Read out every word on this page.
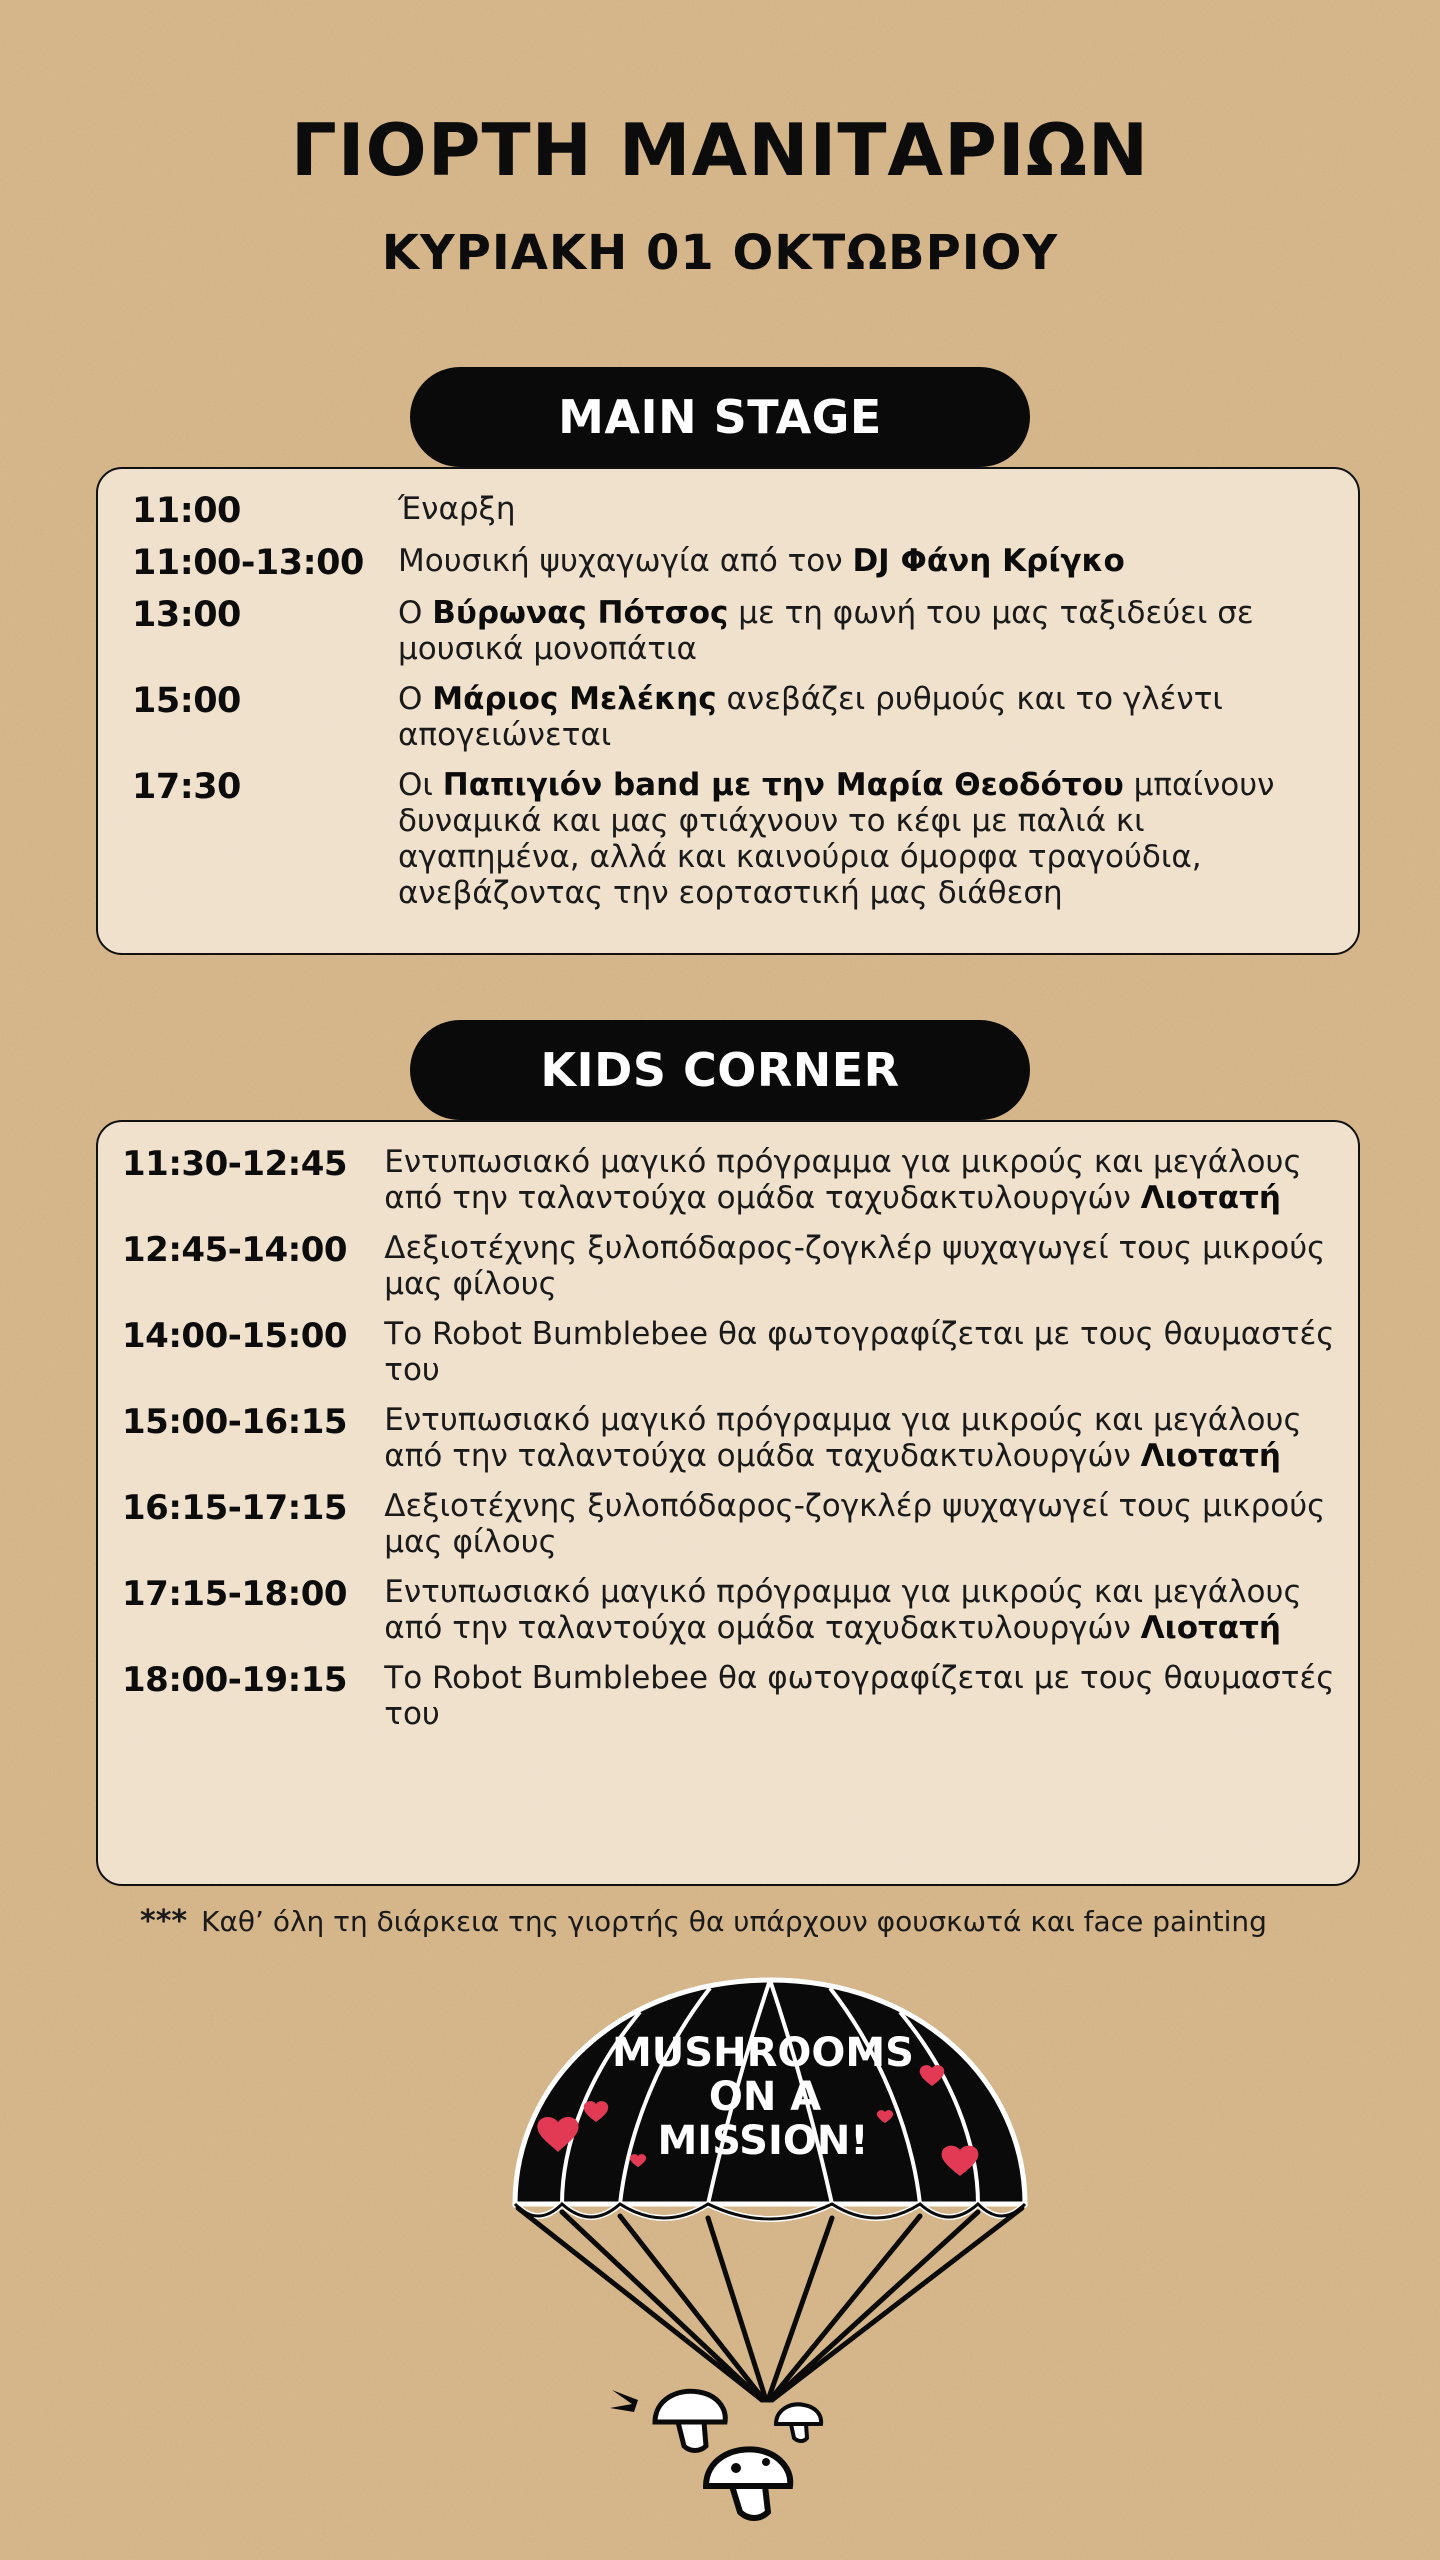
ΓΙΟΡΤΗ ΜΑΝΙΤΑΡΙΩΝ
ΚΥΡΙΑΚΗ 01 ΟΚΤΩΒΡΙΟΥ
MAIN STAGE
11:00	Έναρξη
11:00-13:00	Μουσική ψυχαγωγία από τον DJ Φάνη Κρίγκο
13:00	Ο Βύρωνας Πότσος με τη φωνή του μας ταξιδεύει σε μουσικά μονοπάτια
15:00	Ο Μάριος Μελέκης ανεβάζει ρυθμούς και το γλέντι απογειώνεται
17:30	Οι Παπιγιόν band με την Μαρία Θεοδότου μπαίνουν δυναμικά και μας φτιάχνουν το κέφι με παλιά κι αγαπημένα, αλλά και καινούρια όμορφα τραγούδια, ανεβάζοντας την εορταστική μας διάθεση
KIDS CORNER
11:30-12:45	Εντυπωσιακό μαγικό πρόγραμμα για μικρούς και μεγάλους από την ταλαντούχα ομάδα ταχυδακτυλουργών Λιοτατή
12:45-14:00	Δεξιοτέχνης ξυλοπόδαρος-ζογκλέρ ψυχαγωγεί τους μικρούς μας φίλους
14:00-15:00	Το Robot Bumblebee θα φωτογραφίζεται με τους θαυμαστές του
15:00-16:15	Εντυπωσιακό μαγικό πρόγραμμα για μικρούς και μεγάλους από την ταλαντούχα ομάδα ταχυδακτυλουργών Λιοτατή
16:15-17:15	Δεξιοτέχνης ξυλοπόδαρος-ζογκλέρ ψυχαγωγεί τους μικρούς μας φίλους
17:15-18:00	Εντυπωσιακό μαγικό πρόγραμμα για μικρούς και μεγάλους από την ταλαντούχα ομάδα ταχυδακτυλουργών Λιοτατή
18:00-19:15	Το Robot Bumblebee θα φωτογραφίζεται με τους θαυμαστές του
*** Καθ’ όλη τη διάρκεια της γιορτής θα υπάρχουν φουσκωτά και face painting
MUSHROOMS
ON A
MISSION!
